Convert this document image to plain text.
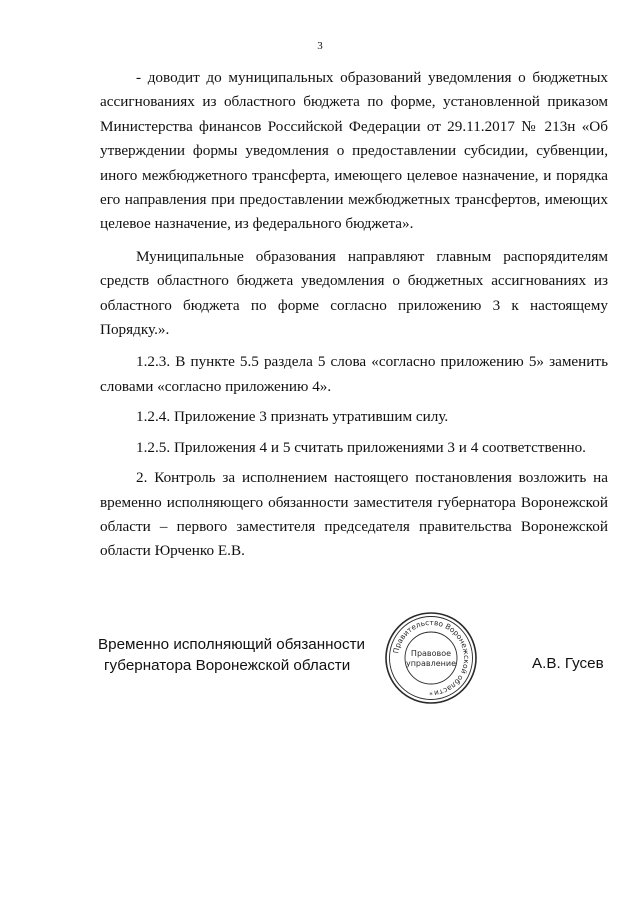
3

- доводит до муниципальных образований уведомления о бюджетных ассигнованиях из областного бюджета по форме, установленной приказом Министерства финансов Российской Федерации от 29.11.2017 № 213н «Об утверждении формы уведомления о предоставлении субсидии, субвенции, иного межбюджетного трансферта, имеющего целевое назначение, и порядка его направления при предоставлении межбюджетных трансфертов, имеющих целевое назначение, из федерального бюджета».

Муниципальные образования направляют главным распорядителям средств областного бюджета уведомления о бюджетных ассигнованиях из областного бюджета по форме согласно приложению 3 к настоящему Порядку.».

1.2.3. В пункте 5.5 раздела 5 слова «согласно приложению 5» заменить словами «согласно приложению 4».

1.2.4. Приложение 3 признать утратившим силу.

1.2.5. Приложения 4 и 5 считать приложениями 3 и 4 соответственно.

2. Контроль за исполнением настоящего постановления возложить на временно исполняющего обязанности заместителя губернатора Воронежской области – первого заместителя председателя правительства Воронежской области Юрченко Е.В.

Временно исполняющий обязанности
губернатора Воронежской области
Правительство Воронежской области
Правовое
управление
*
А.В. Гусев
